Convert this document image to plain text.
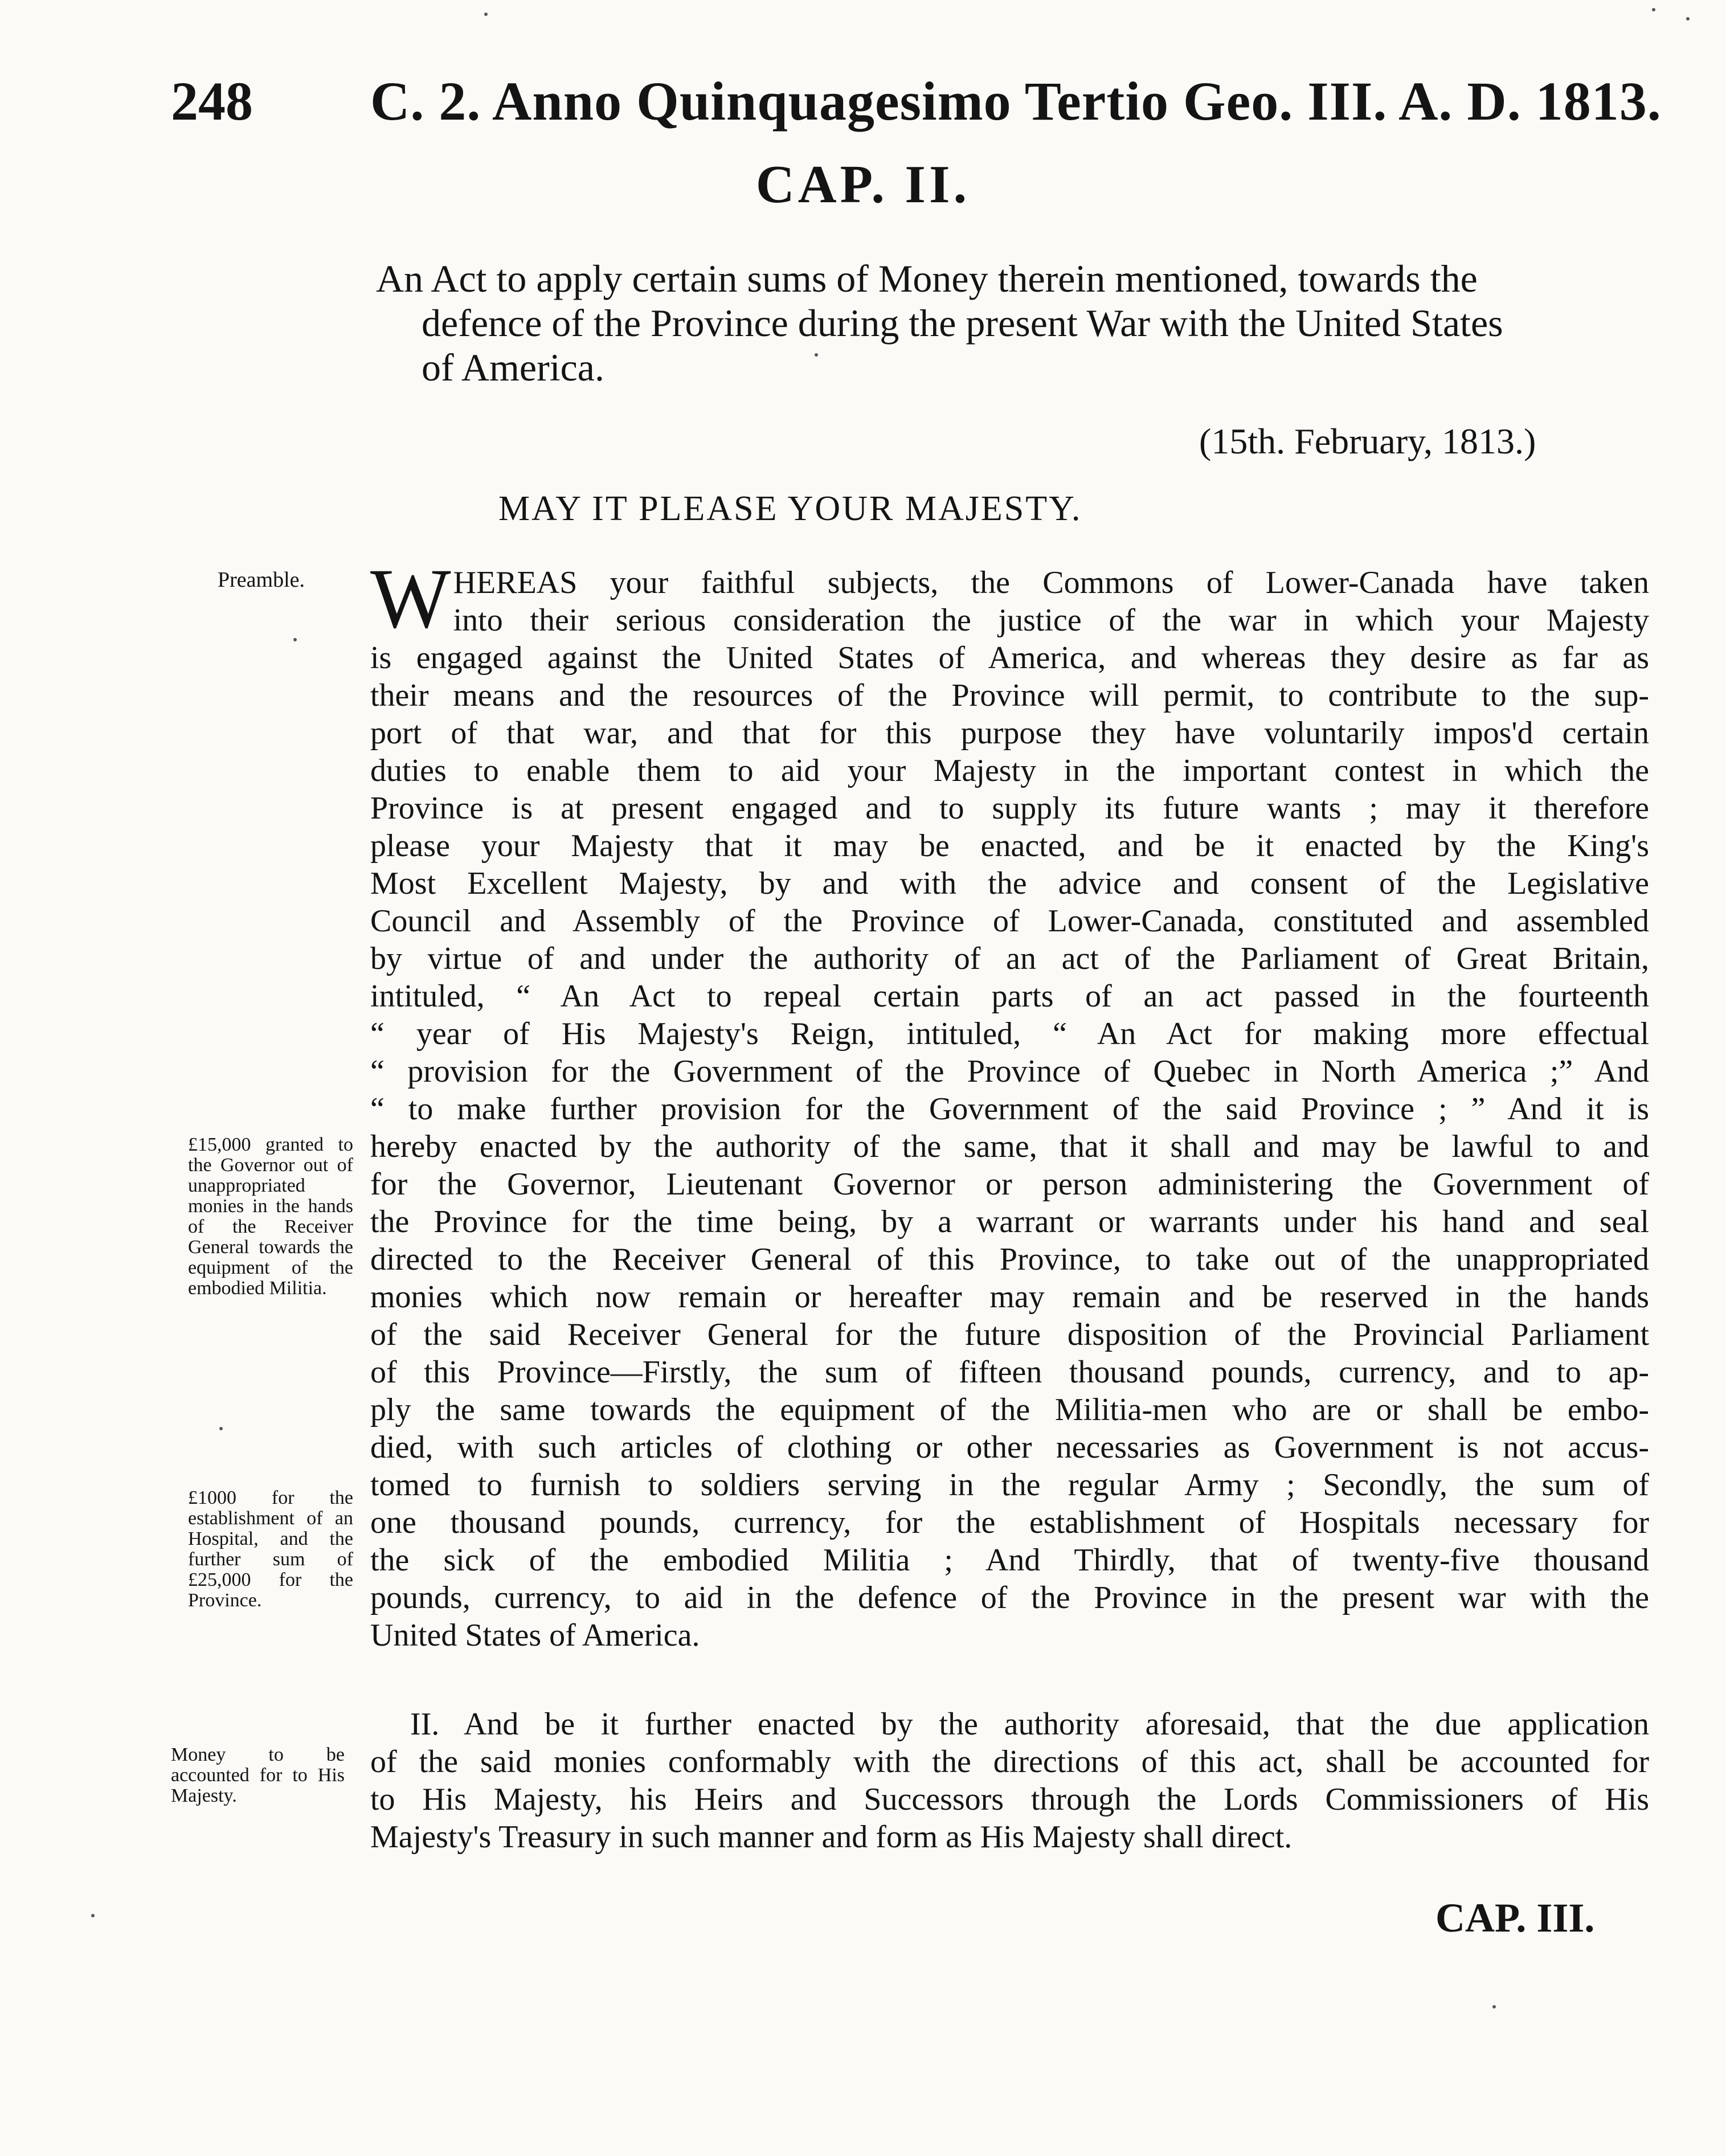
248 C. 2. Anno Quinquagesimo Tertio Geo. III. A. D. 1813.
CAP. II.
An Act to apply certain sums of Money therein mentioned, towards the
defence of the Province during the present War with the United States
of America.
(15th. February, 1813.)
MAY IT PLEASE YOUR MAJESTY.
Preamble.
£15,000 granted to the Governor out of unappropriated monies in the hands of the Receiver General towards the equipment of the embodied Militia.
£1000 for the establishment of an Hospital, and the further sum of £25,000 for the Province.
Money to be accounted for to His Majesty.
W HEREAS your faithful subjects, the Commons of Lower-Canada have taken
into their serious consideration the justice of the war in which your Majesty
is engaged against the United States of America, and whereas they desire as far as
their means and the resources of the Province will permit, to contribute to the sup-
port of that war, and that for this purpose they have voluntarily impos'd certain
duties to enable them to aid your Majesty in the important contest in which the
Province is at present engaged and to supply its future wants ; may it therefore
please your Majesty that it may be enacted, and be it enacted by the King's
Most Excellent Majesty, by and with the advice and consent of the Legislative
Council and Assembly of the Province of Lower-Canada, constituted and assembled
by virtue of and under the authority of an act of the Parliament of Great Britain,
intituled, “ An Act to repeal certain parts of an act passed in the fourteenth
“ year of His Majesty's Reign, intituled, “ An Act for making more effectual
“ provision for the Government of the Province of Quebec in North America ;” And
“ to make further provision for the Government of the said Province ; ” And it is
hereby enacted by the authority of the same, that it shall and may be lawful to and
for the Governor, Lieutenant Governor or person administering the Government of
the Province for the time being, by a warrant or warrants under his hand and seal
directed to the Receiver General of this Province, to take out of the unappropriated
monies which now remain or hereafter may remain and be reserved in the hands
of the said Receiver General for the future disposition of the Provincial Parliament
of this Province—Firstly, the sum of fifteen thousand pounds, currency, and to ap-
ply the same towards the equipment of the Militia-men who are or shall be embo-
died, with such articles of clothing or other necessaries as Government is not accus-
tomed to furnish to soldiers serving in the regular Army ; Secondly, the sum of
one thousand pounds, currency, for the establishment of Hospitals necessary for
the sick of the embodied Militia ; And Thirdly, that of twenty-five thousand
pounds, currency, to aid in the defence of the Province in the present war with the
United States of America.
II. And be it further enacted by the authority aforesaid, that the due application
of the said monies conformably with the directions of this act, shall be accounted for
to His Majesty, his Heirs and Successors through the Lords Commissioners of His
Majesty's Treasury in such manner and form as His Majesty shall direct.
CAP. III.
